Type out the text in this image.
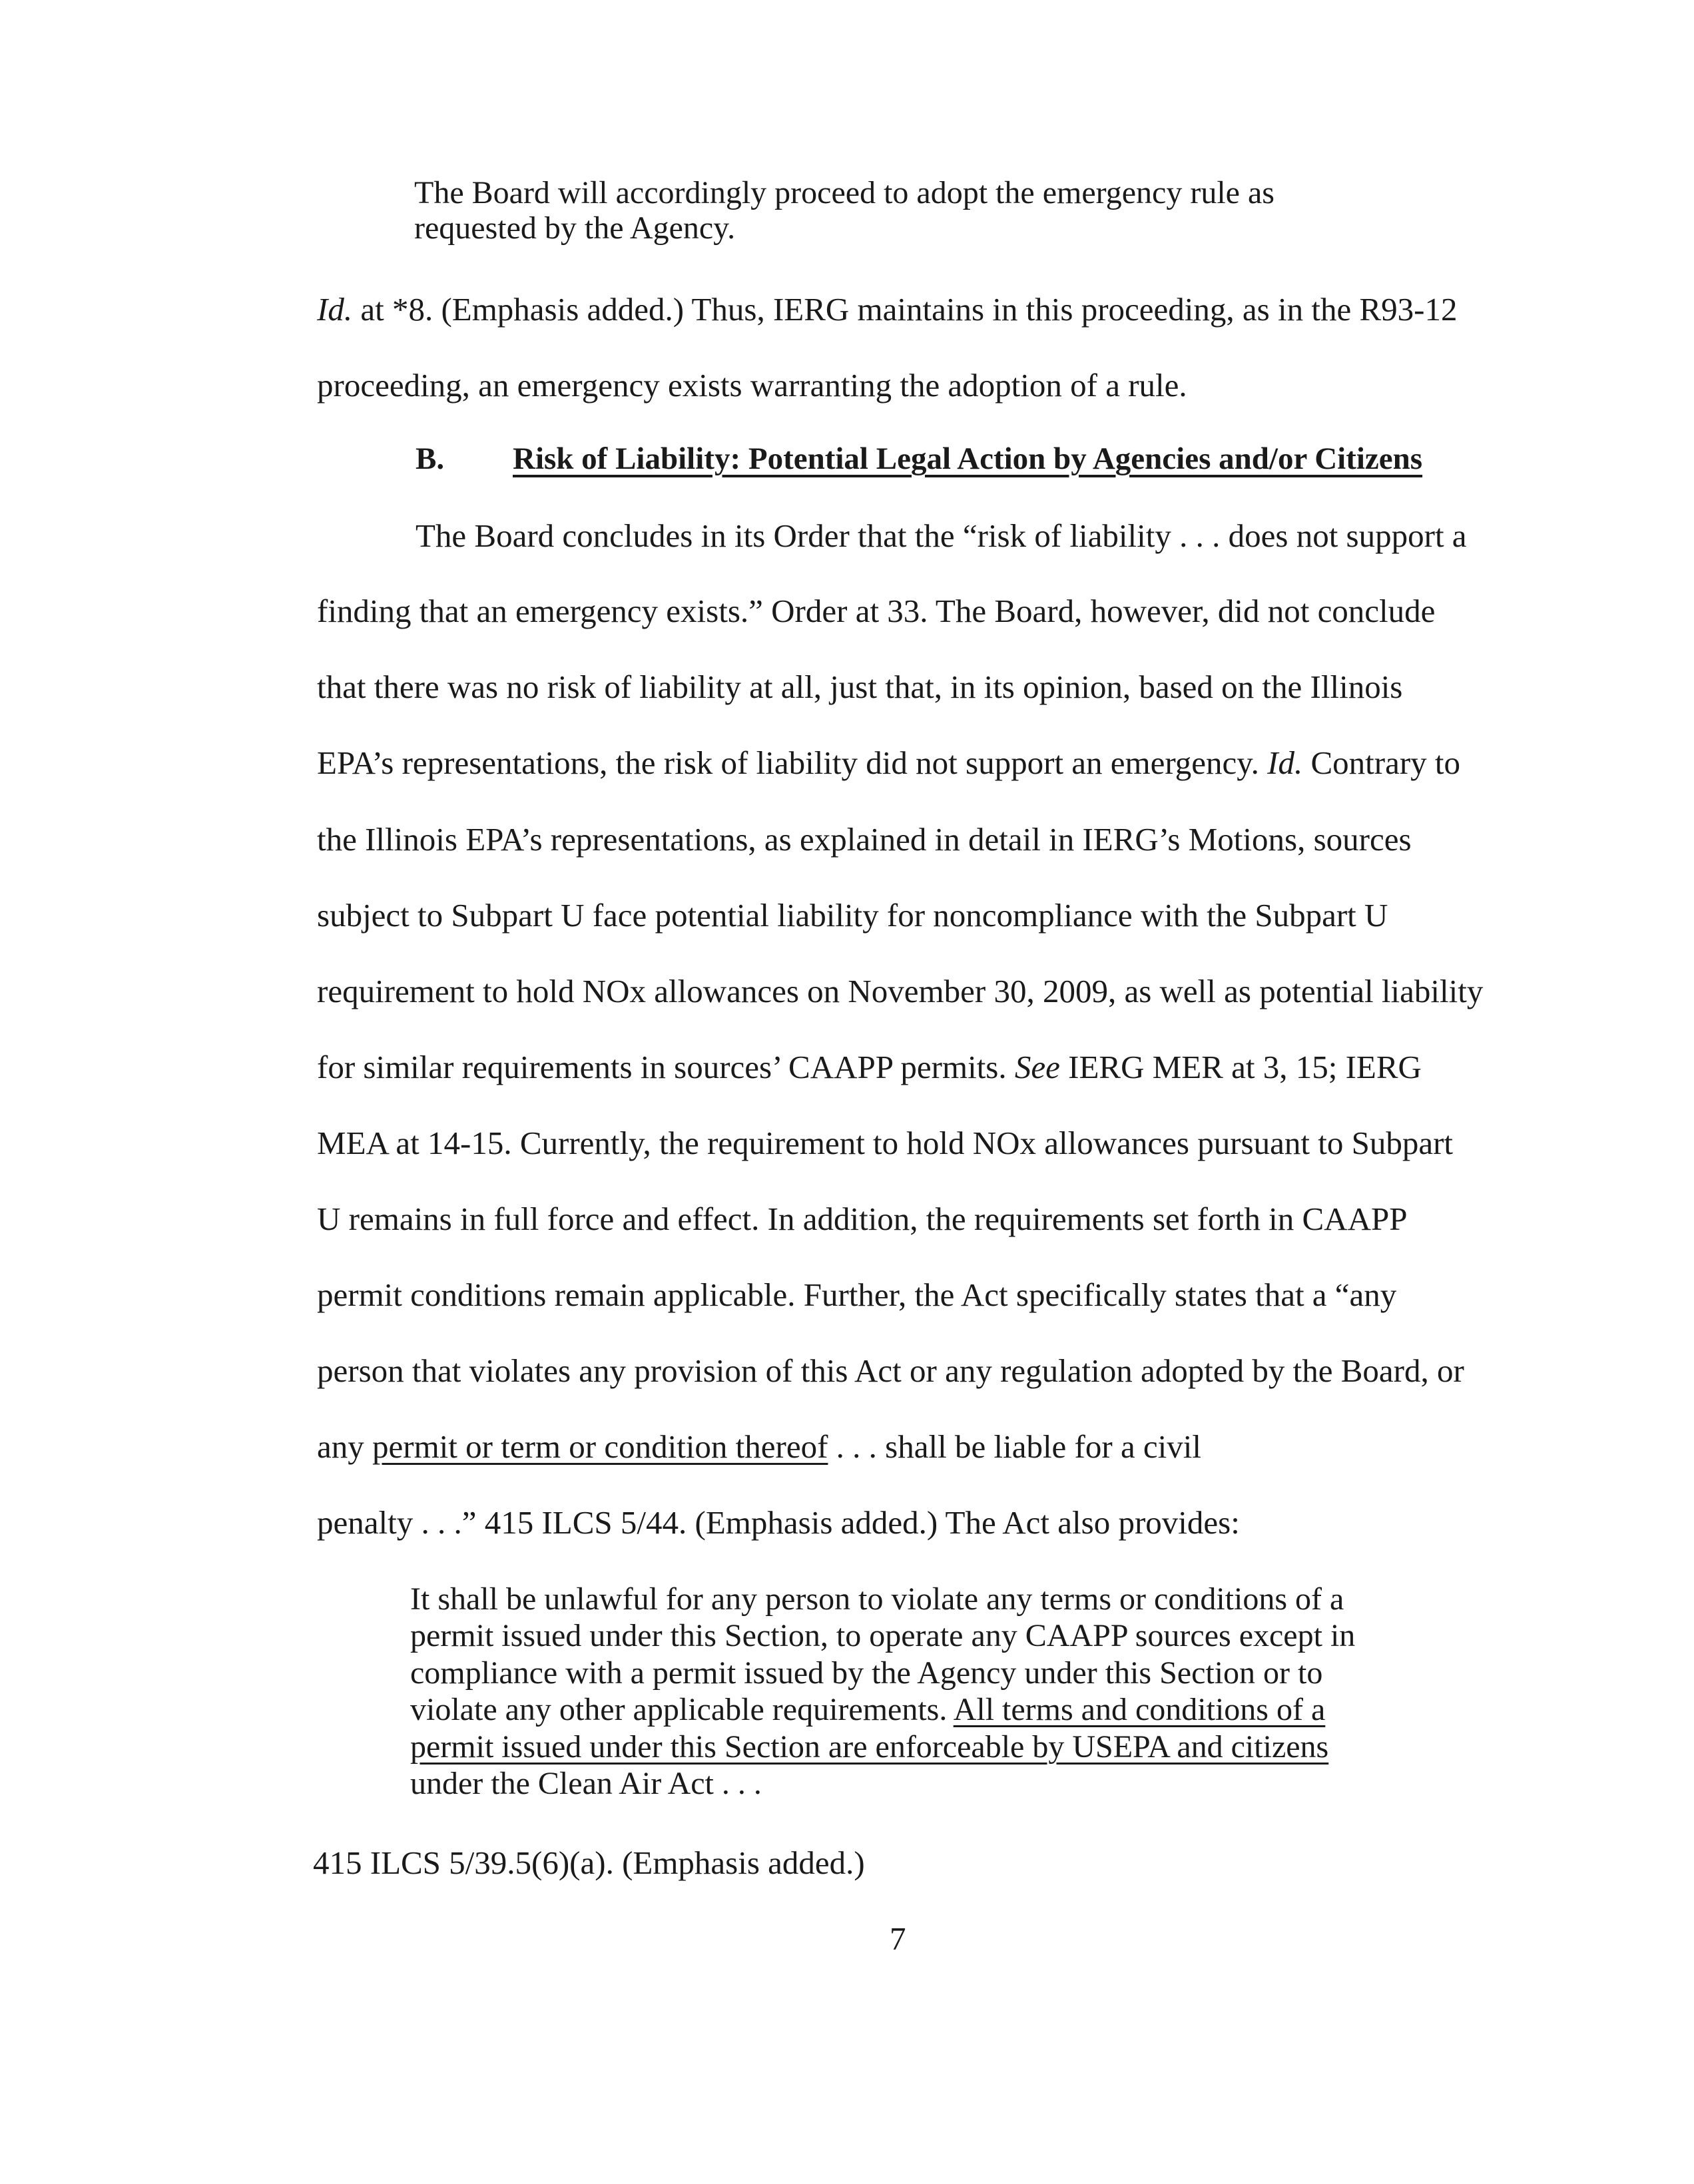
The Board will accordingly proceed to adopt the emergency rule as
requested by the Agency.
Id. at *8. (Emphasis added.) Thus, IERG maintains in this proceeding, as in the R93-12
proceeding, an emergency exists warranting the adoption of a rule.
B. Risk of Liability: Potential Legal Action by Agencies and/or Citizens
The Board concludes in its Order that the “risk of liability . . . does not support a
finding that an emergency exists.” Order at 33. The Board, however, did not conclude
that there was no risk of liability at all, just that, in its opinion, based on the Illinois
EPA’s representations, the risk of liability did not support an emergency. Id. Contrary to
the Illinois EPA’s representations, as explained in detail in IERG’s Motions, sources
subject to Subpart U face potential liability for noncompliance with the Subpart U
requirement to hold NOx allowances on November 30, 2009, as well as potential liability
for similar requirements in sources’ CAAPP permits. See IERG MER at 3, 15; IERG
MEA at 14-15. Currently, the requirement to hold NOx allowances pursuant to Subpart
U remains in full force and effect. In addition, the requirements set forth in CAAPP
permit conditions remain applicable. Further, the Act specifically states that a “any
person that violates any provision of this Act or any regulation adopted by the Board, or
any permit or term or condition thereof . . . shall be liable for a civil
penalty . . .” 415 ILCS 5/44. (Emphasis added.) The Act also provides:
It shall be unlawful for any person to violate any terms or conditions of a
permit issued under this Section, to operate any CAAPP sources except in
compliance with a permit issued by the Agency under this Section or to
violate any other applicable requirements. All terms and conditions of a
permit issued under this Section are enforceable by USEPA and citizens
under the Clean Air Act . . .
415 ILCS 5/39.5(6)(a). (Emphasis added.)
7
